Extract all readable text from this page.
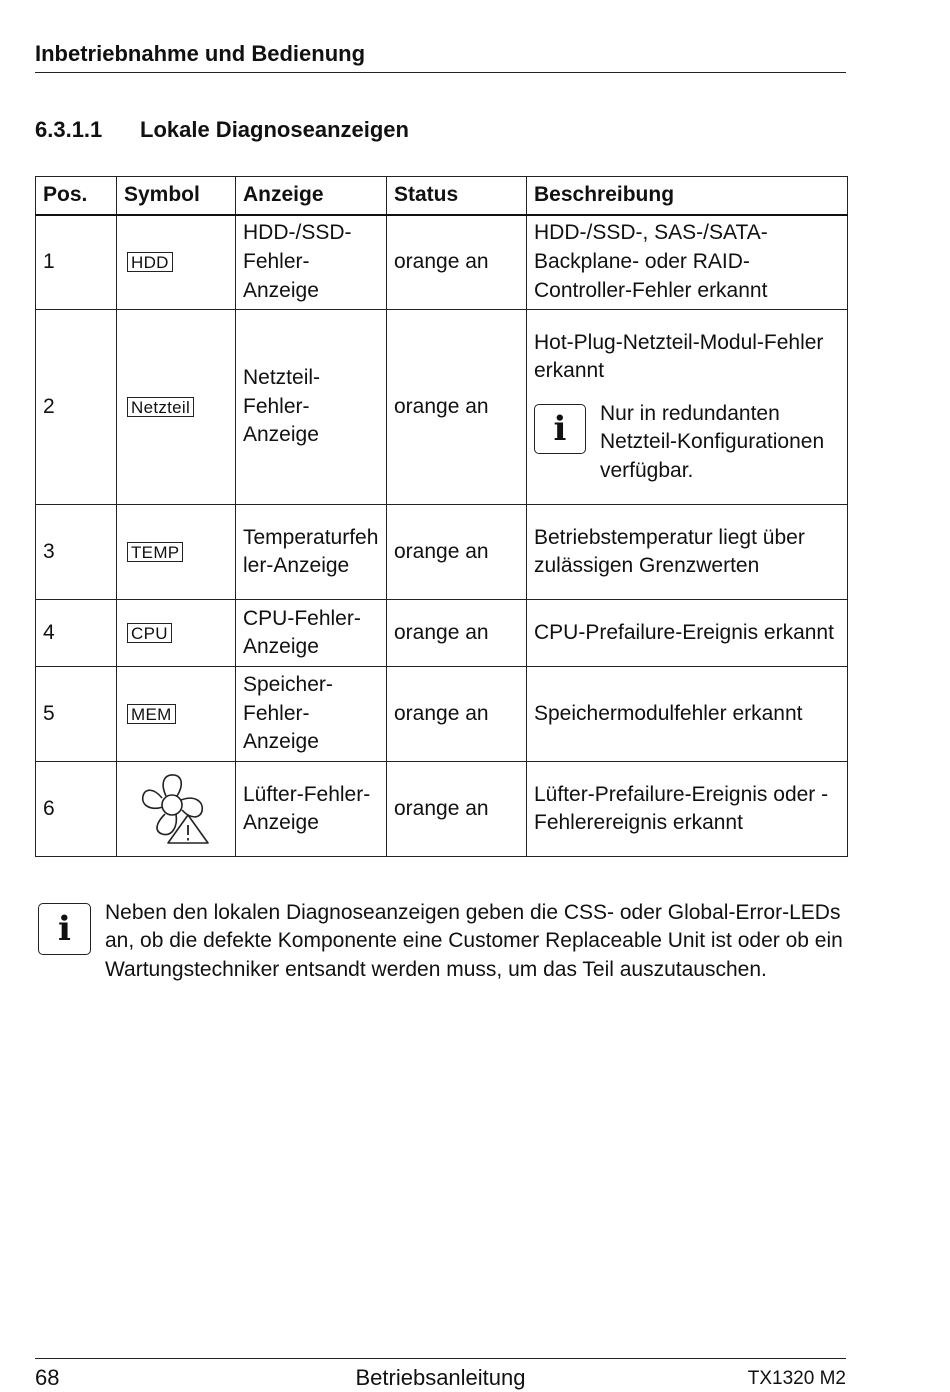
Inbetriebnahme und Bedienung
6.3.1.1 Lokale Diagnoseanzeigen
Pos.	Symbol	Anzeige	Status	Beschreibung
1	HDD	HDD-/SSD-Fehler-Anzeige	orange an	HDD-/SSD-, SAS-/SATA-Backplane- oder RAID-Controller-Fehler erkannt
2	Netzteil	Netzteil-Fehler-Anzeige	orange an	Hot-Plug-Netzteil-Modul-Fehler erkannt
i Nur in redundanten Netzteil-Konfigurationen verfügbar.

3	TEMP	Temperaturfehler-Anzeige	orange an	Betriebstemperatur liegt über zulässigen Grenzwerten
4	CPU	CPU-Fehler-Anzeige	orange an	CPU-Prefailure-Ereignis erkannt
5	MEM	Speicher-Fehler-Anzeige	orange an	Speichermodulfehler erkannt
6		Lüfter-Fehler-Anzeige	orange an	Lüfter-Prefailure-Ereignis oder -Fehlerereignis erkannt
i	Neben den lokalen Diagnoseanzeigen geben die CSS- oder Global-Error-LEDs an, ob die defekte Komponente eine Customer Replaceable Unit ist oder ob ein Wartungstechniker entsandt werden muss, um das Teil auszutauschen.
68	Betriebsanleitung	TX1320 M2
